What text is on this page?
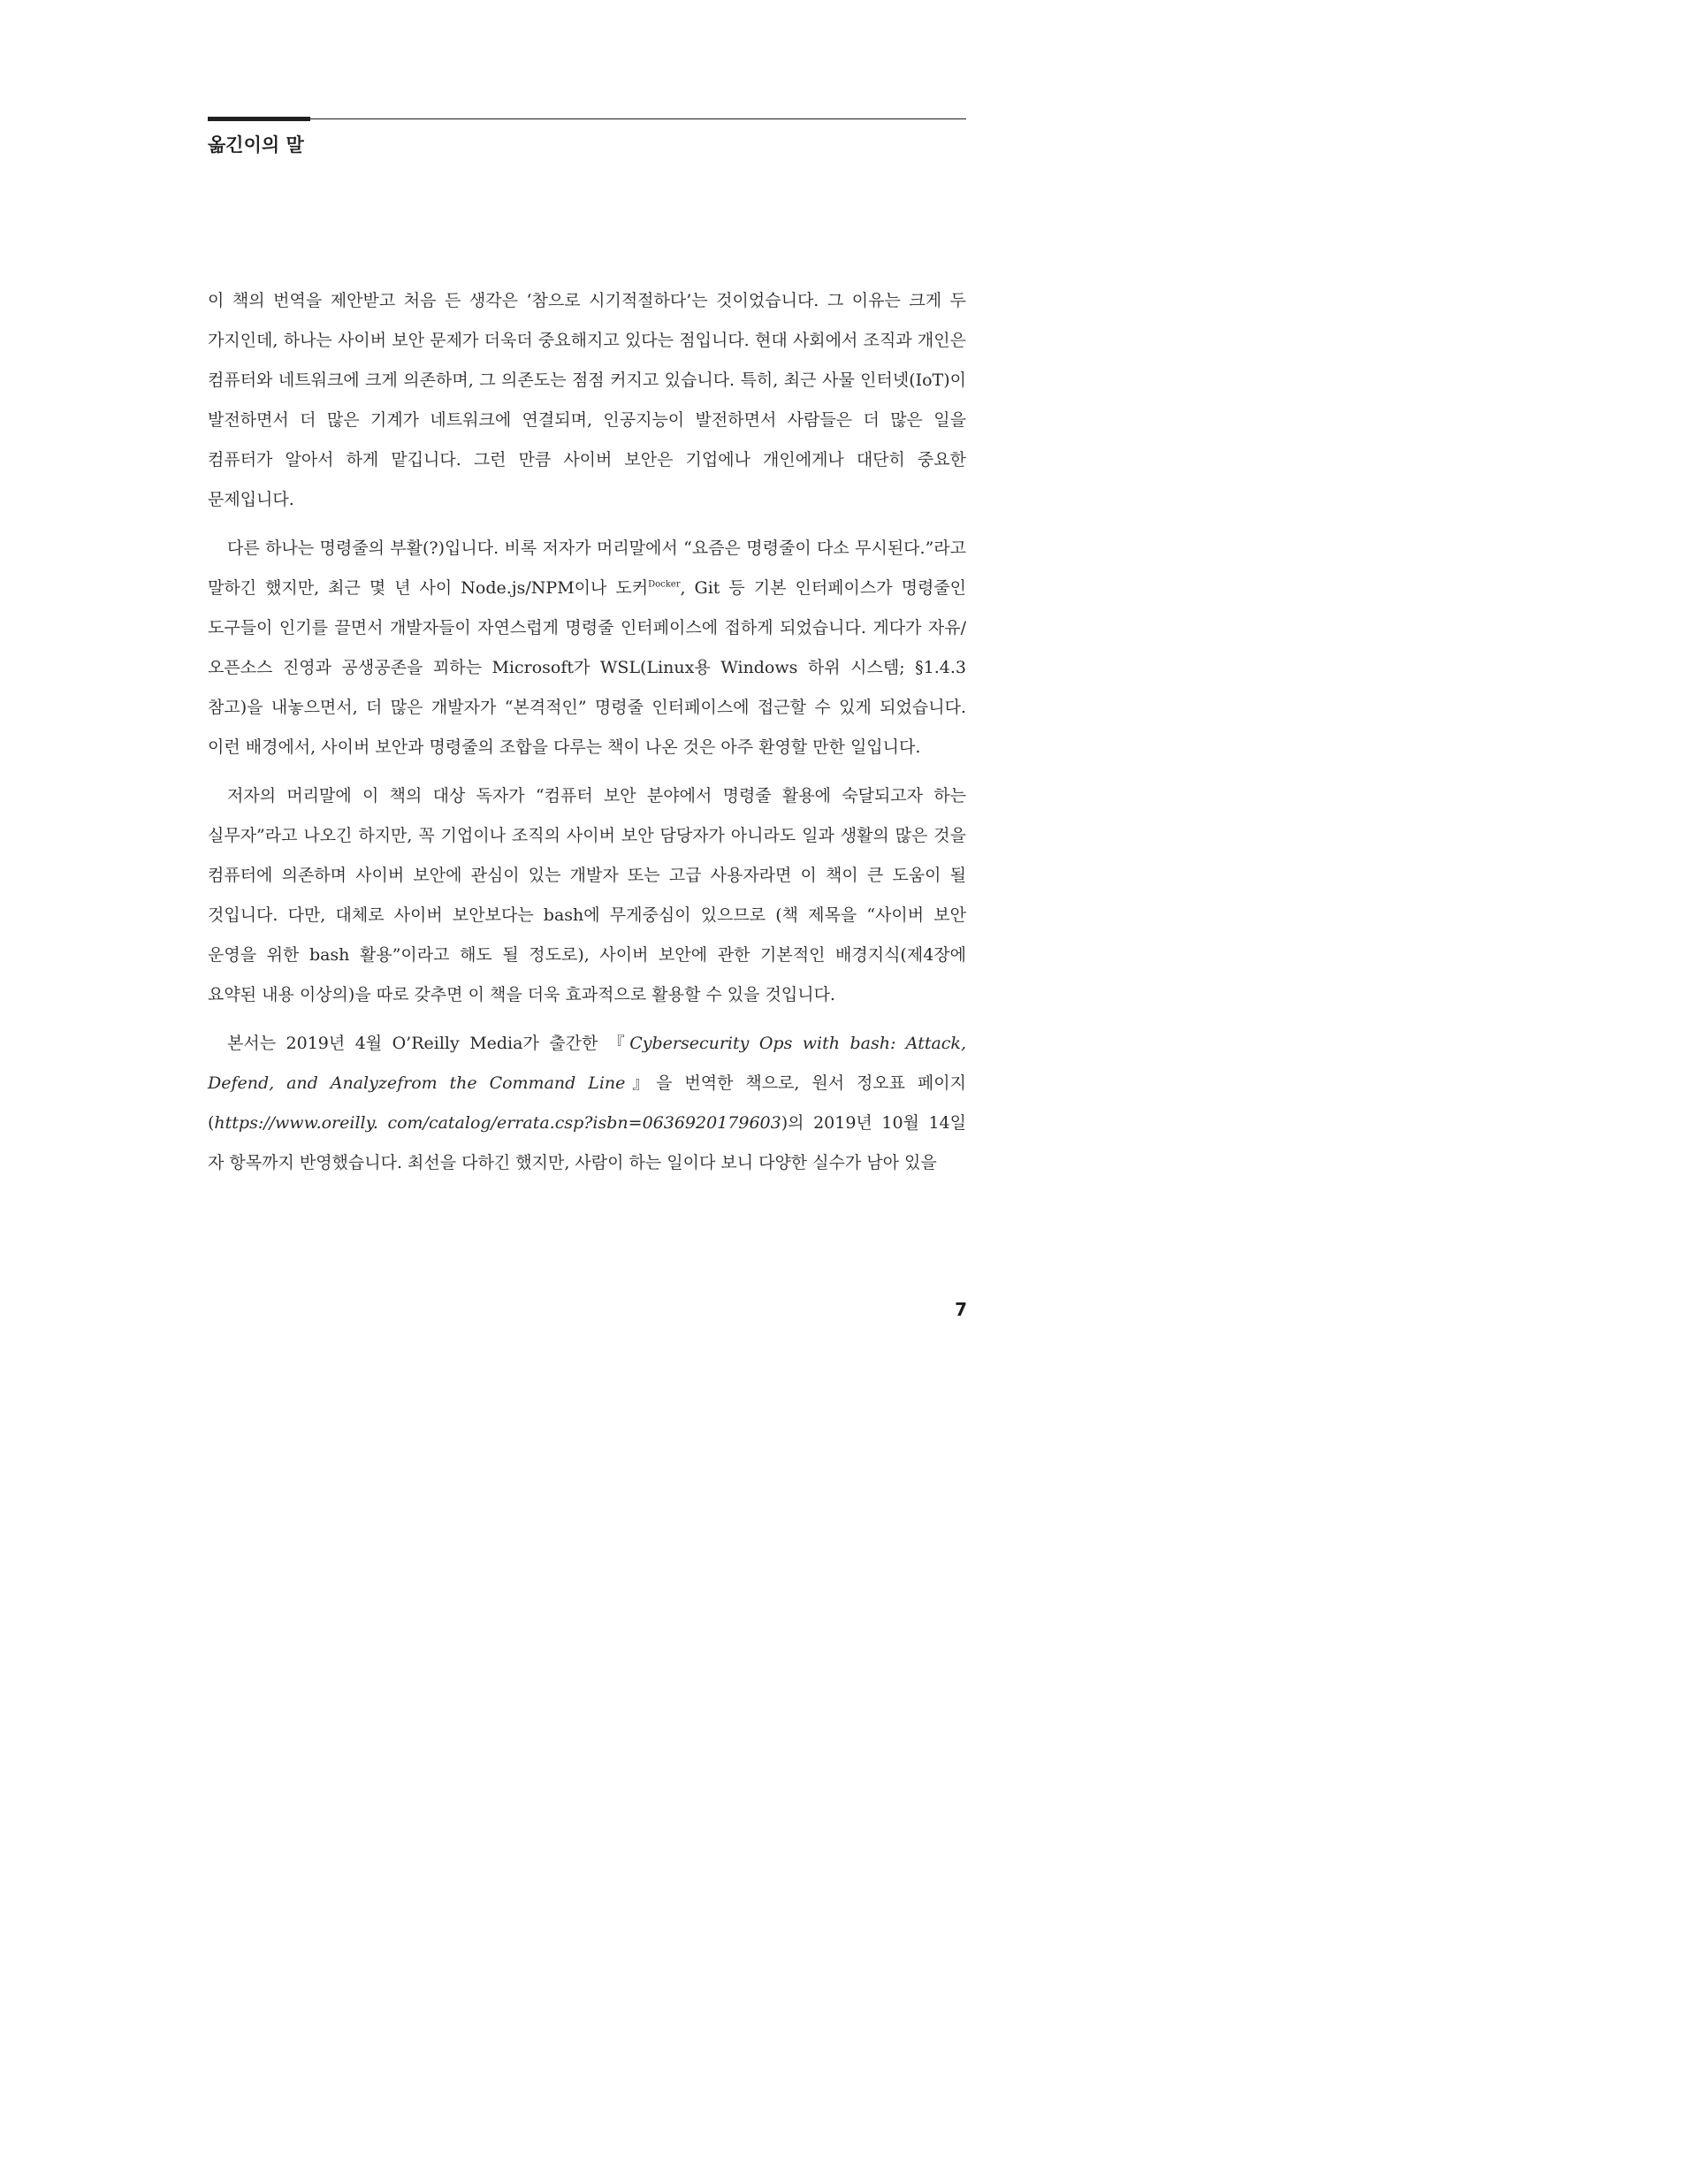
옮긴이의 말

이 책의 번역을 제안받고 처음 든 생각은 ‘참으로 시기적절하다’는 것이었습니다. 그 이유는 크게 두 가지인데, 하나는 사이버 보안 문제가 더욱더 중요해지고 있다는 점입니다. 현대 사회에서 조직과 개인은 컴퓨터와 네트워크에 크게 의존하며, 그 의존도는 점점 커지고 있습니다. 특히, 최근 사물 인터넷(IoT)이 발전하면서 더 많은 기계가 네트워크에 연결되며, 인공지능이 발전하면서 사람들은 더 많은 일을 컴퓨터가 알아서 하게 맡깁니다. 그런 만큼 사이버 보안은 기업에나 개인에게나 대단히 중요한 문제입니다.

다른 하나는 명령줄의 부활(?)입니다. 비록 저자가 머리말에서 “요즘은 명령줄이 다소 무시된다.”라고 말하긴 했지만, 최근 몇 년 사이 Node.js/NPM이나 도커$^{Docker}$, Git 등 기본 인터페이스가 명령줄인 도구들이 인기를 끌면서 개발자들이 자연스럽게 명령줄 인터페이스에 접하게 되었습니다. 게다가 자유/오픈소스 진영과 공생공존을 꾀하는 Microsoft가 WSL(Linux용 Windows 하위 시스템; §1.4.3 참고)을 내놓으면서, 더 많은 개발자가 “본격적인” 명령줄 인터페이스에 접근할 수 있게 되었습니다. 이런 배경에서, 사이버 보안과 명령줄의 조합을 다루는 책이 나온 것은 아주 환영할 만한 일입니다.

저자의 머리말에 이 책의 대상 독자가 “컴퓨터 보안 분야에서 명령줄 활용에 숙달되고자 하는 실무자”라고 나오긴 하지만, 꼭 기업이나 조직의 사이버 보안 담당자가 아니라도 일과 생활의 많은 것을 컴퓨터에 의존하며 사이버 보안에 관심이 있는 개발자 또는 고급 사용자라면 이 책이 큰 도움이 될 것입니다. 다만, 대체로 사이버 보안보다는 bash에 무게중심이 있으므로 (책 제목을 “사이버 보안 운영을 위한 bash 활용”이라고 해도 될 정도로), 사이버 보안에 관한 기본적인 배경지식(제4장에 요약된 내용 이상의)을 따로 갖추면 이 책을 더욱 효과적으로 활용할 수 있을 것입니다.

본서는 2019년 4월 O’Reilly Media가 출간한 『Cybersecurity Ops with bash: Attack, Defend, and Analyzefrom the Command Line』을 번역한 책으로, 원서 정오표 페이지(https://www.oreilly. com/catalog/errata.csp?isbn=0636920179603)의 2019년 10월 14일 자 항목까지 반영했습니다. 최선을 다하긴 했지만, 사람이 하는 일이다 보니 다양한 실수가 남아 있을

7
